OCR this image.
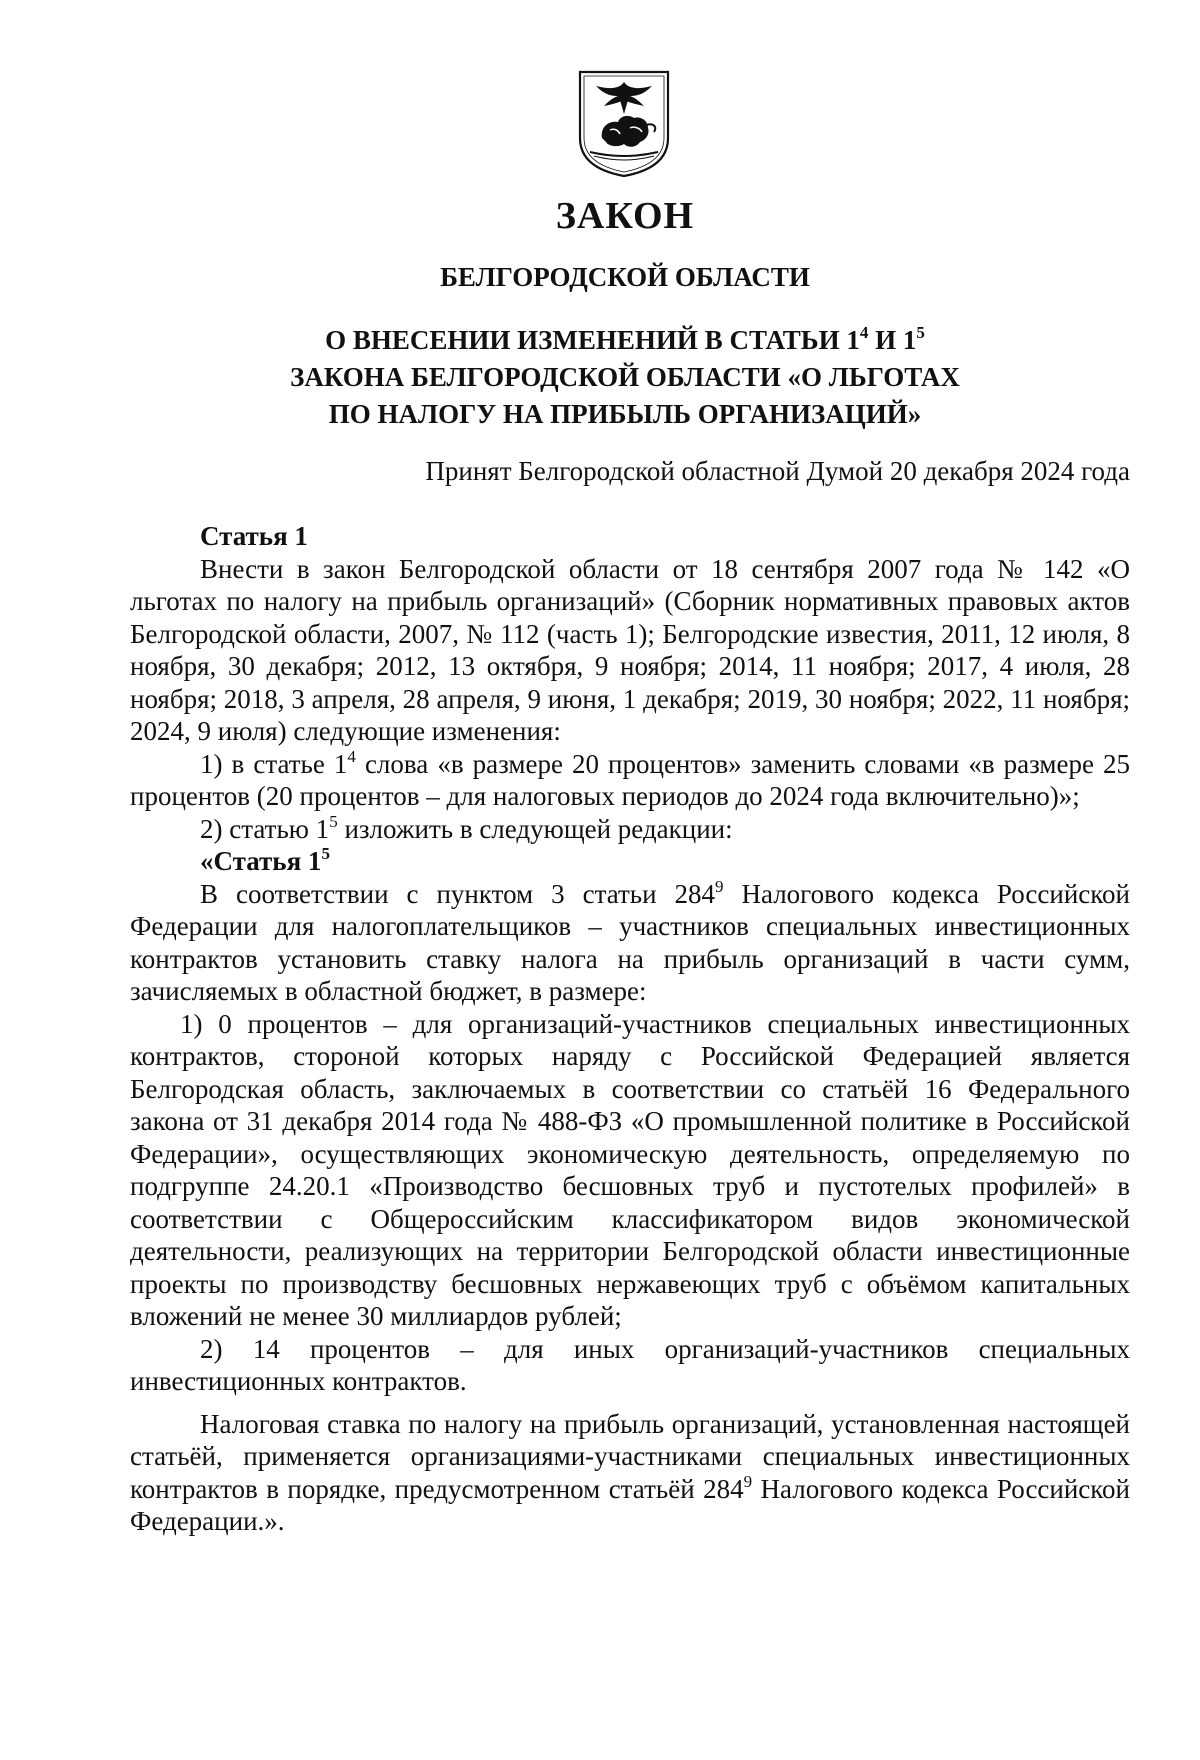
ЗАКОН
БЕЛГОРОДСКОЙ ОБЛАСТИ
О ВНЕСЕНИИ ИЗМЕНЕНИЙ В СТАТЬИ $1^4$ И $1^5$
ЗАКОНА БЕЛГОРОДСКОЙ ОБЛАСТИ «О ЛЬГОТАХ
ПО НАЛОГУ НА ПРИБЫЛЬ ОРГАНИЗАЦИЙ»
Принят Белгородской областной Думой 20 декабря 2024 года

Статья 1

Внести в закон Белгородской области от 18 сентября 2007 года № 142 «О льготах по налогу на прибыль организаций» (Сборник нормативных правовых актов Белгородской области, 2007, № 112 (часть 1); Белгородские известия, 2011, 12 июля, 8 ноября, 30 декабря; 2012, 13 октября, 9 ноября; 2014, 11 ноября; 2017, 4 июля, 28 ноября; 2018, 3 апреля, 28 апреля, 9 июня, 1 декабря; 2019, 30 ноября; 2022, 11 ноября; 2024, 9 июля) следующие изменения:

1) в статье $1^4$ слова «в размере 20 процентов» заменить словами «в размере 25 процентов (20 процентов – для налоговых периодов до 2024 года включительно)»;

2) статью $1^5$ изложить в следующей редакции:

«Статья $1^5$

В соответствии с пунктом 3 статьи $284^9$ Налогового кодекса Российской Федерации для налогоплательщиков – участников специальных инвестиционных контрактов установить ставку налога на прибыль организаций в части сумм, зачисляемых в областной бюджет, в размере:

1) 0 процентов – для организаций-участников специальных инвестиционных контрактов, стороной которых наряду с Российской Федерацией является Белгородская область, заключаемых в соответствии со статьёй 16 Федерального закона от 31 декабря 2014 года № 488-ФЗ «О промышленной политике в Российской Федерации», осуществляющих экономическую деятельность, определяемую по подгруппе 24.20.1 «Производство бесшовных труб и пустотелых профилей» в соответствии с Общероссийским классификатором видов экономической деятельности, реализующих на территории Белгородской области инвестиционные проекты по производству бесшовных нержавеющих труб с объёмом капитальных вложений не менее 30 миллиардов рублей;

2) 14 процентов – для иных организаций-участников специальных инвестиционных контрактов.

Налоговая ставка по налогу на прибыль организаций, установленная настоящей статьёй, применяется организациями-участниками специальных инвестиционных контрактов в порядке, предусмотренном статьёй $284^9$ Налогового кодекса Российской Федерации.».
